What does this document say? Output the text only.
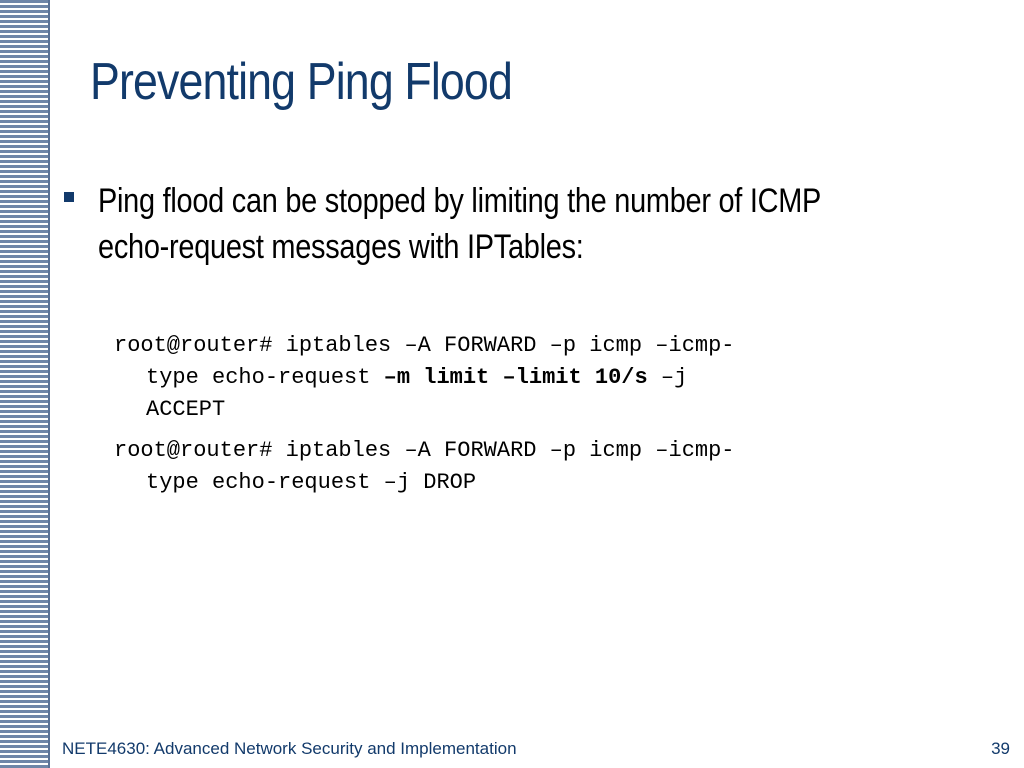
Preventing Ping Flood
Ping flood can be stopped by limiting the number of ICMP
echo-request messages with IPTables:

root@router# iptables –A FORWARD –p icmp –icmp-

type echo-request –m limit –limit 10/s –j

ACCEPT

root@router# iptables –A FORWARD –p icmp –icmp-

type echo-request –j DROP

NETE4630: Advanced Network Security and Implementation	39
